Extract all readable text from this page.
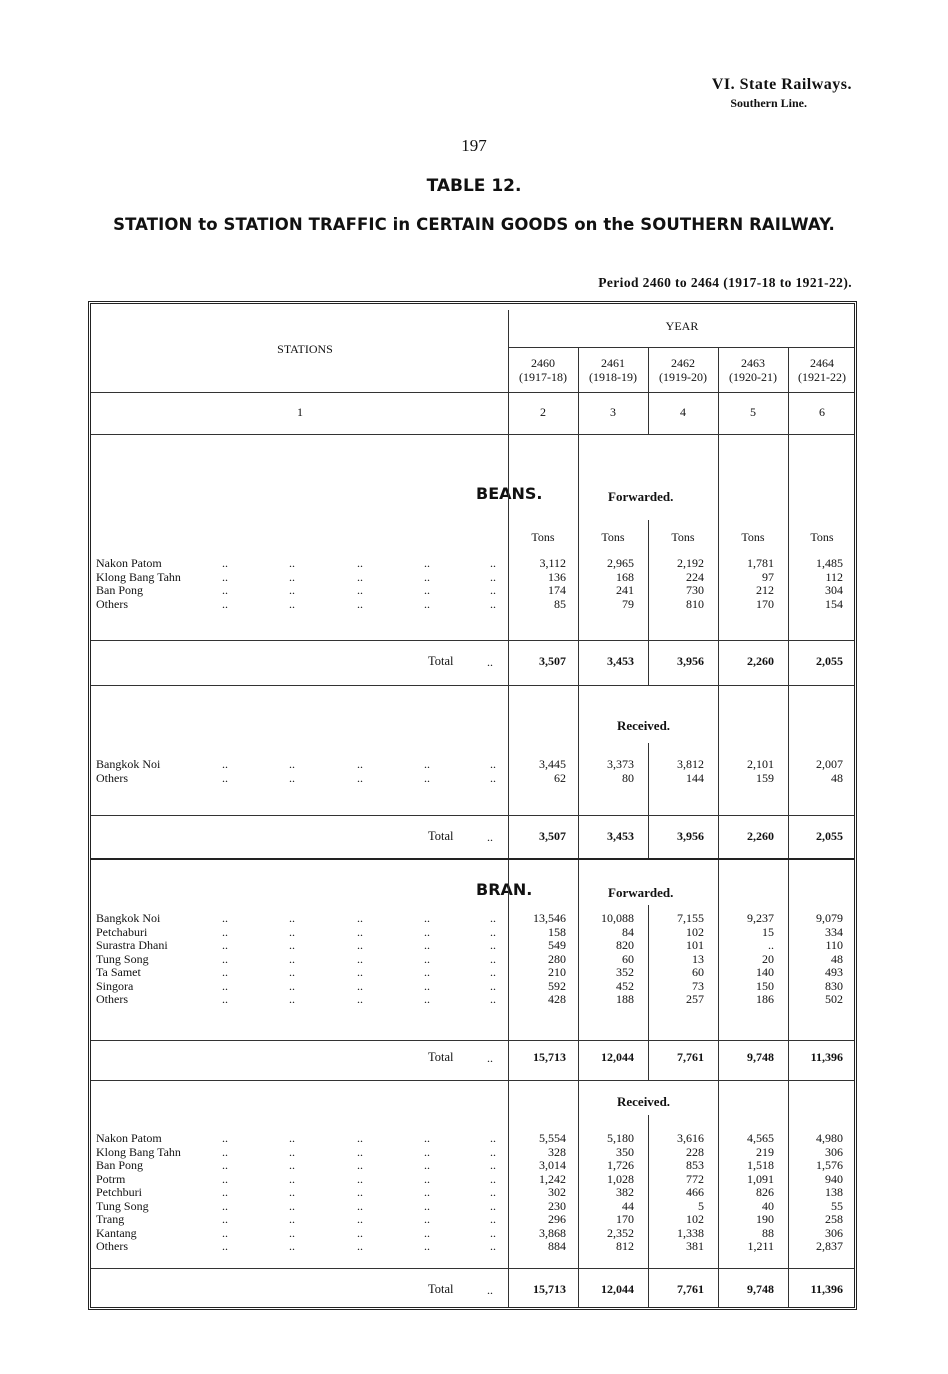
VI. State Railways.
Southern Line.
197
TABLE 12.
STATION to STATION TRAFFIC in CERTAIN GOODS on the SOUTHERN RAILWAY.
Period 2460 to 2464 (1917-18 to 1921-22).
STATIONS
YEAR
2460
(1917-18)
2461
(1918-19)
2462
(1919-20)
2463
(1920-21)
2464
(1921-22)
1	2	3	4	5	6
BEANS.	Forwarded.
Received.
BRAN.	Forwarded.
Received.
Tons	Tons	Tons	Tons	Tons
Nakon Patom	..	..	..	..	..	3,112	2,965	2,192	1,781	1,485
Klong Bang Tahn	..	..	..	..	..	136	168	224	97	112
Ban Pong	..	..	..	..	..	174	241	730	212	304
Others	..	..	..	..	..	85	79	810	170	154
Total	..	3,507	3,453	3,956	2,260	2,055
Bangkok Noi	..	..	..	..	..	3,445	3,373	3,812	2,101	2,007
Others	..	..	..	..	..	62	80	144	159	48
Total	..	3,507	3,453	3,956	2,260	2,055
Bangkok Noi	..	..	..	..	..	13,546	10,088	7,155	9,237	9,079
Petchaburi	..	..	..	..	..	158	84	102	15	334
Surastra Dhani	..	..	..	..	..	549	820	101	..	110
Tung Song	..	..	..	..	..	280	60	13	20	48
Ta Samet	..	..	..	..	..	210	352	60	140	493
Singora	..	..	..	..	..	592	452	73	150	830
Others	..	..	..	..	..	428	188	257	186	502
Total	..	15,713	12,044	7,761	9,748	11,396
Nakon Patom	..	..	..	..	..	5,554	5,180	3,616	4,565	4,980
Klong Bang Tahn	..	..	..	..	..	328	350	228	219	306
Ban Pong	..	..	..	..	..	3,014	1,726	853	1,518	1,576
Potrm	..	..	..	..	..	1,242	1,028	772	1,091	940
Petchburi	..	..	..	..	..	302	382	466	826	138
Tung Song	..	..	..	..	..	230	44	5	40	55
Trang	..	..	..	..	..	296	170	102	190	258
Kantang	..	..	..	..	..	3,868	2,352	1,338	88	306
Others	..	..	..	..	..	884	812	381	1,211	2,837
Total	..	15,713	12,044	7,761	9,748	11,396
